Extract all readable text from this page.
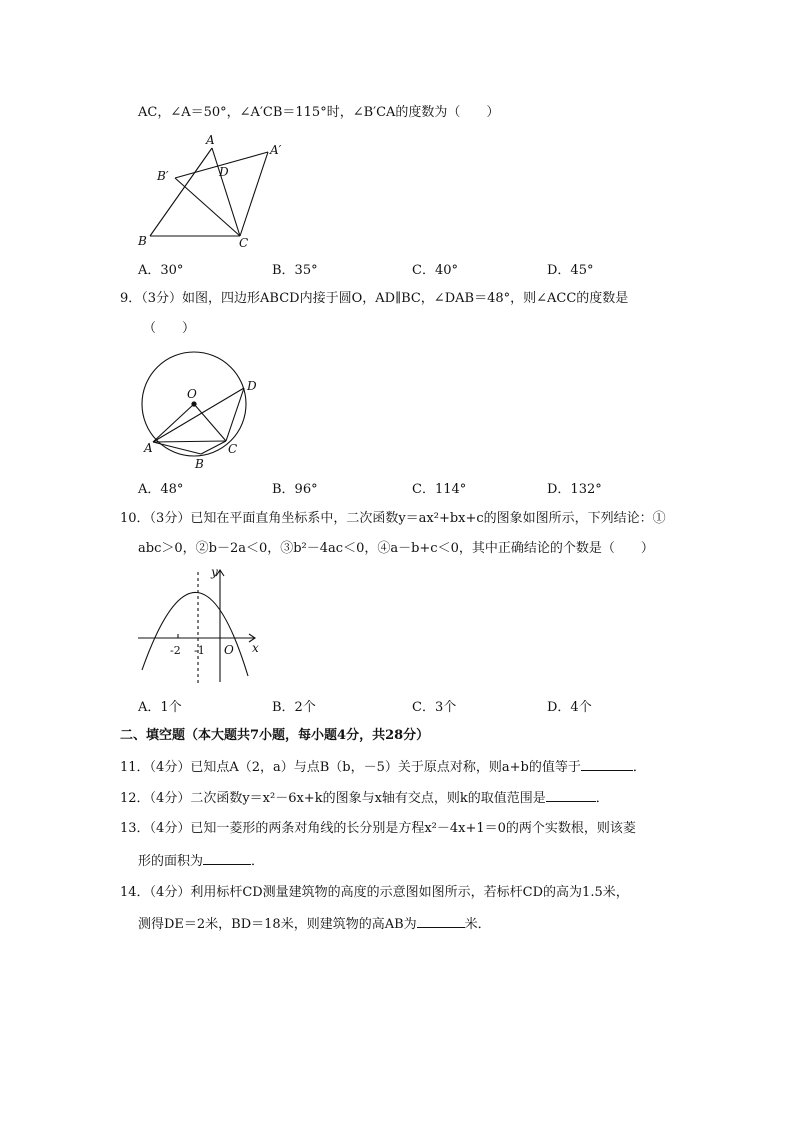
AC，∠A＝50°，∠A′CB＝115°时，∠B′CA的度数为（　　）
A
A′
B′	D
B	C
A．30°	B．35°	C．40°	D．45°
9．（3分）如图，四边形ABCD内接于圆O，AD∥BC，∠DAB＝48°，则∠ACC的度数是
（　　）
O
D
A
B
C
A．48°	B．96°	C．114°	D．132°
10．（3分）已知在平面直角坐标系中，二次函数y＝ax²+bx+c的图象如图所示，下列结论：①
abc＞0，②b－2a＜0，③b²－4ac＜0，④a－b+c＜0，其中正确结论的个数是（　　）
y
x
O
-2 -1
A．1个	B．2个	C．3个	D．4个
二、填空题（本大题共7小题，每小题4分，共28分）
11．（4分）已知点A（2，a）与点B（b，－5）关于原点对称，则a+b的值等于	．
12．（4分）二次函数y＝x²－6x+k的图象与x轴有交点，则k的取值范围是	．
13．（4分）已知一菱形的两条对角线的长分别是方程x²－4x+1＝0的两个实数根，则该菱
形的面积为	．
14．（4分）利用标杆CD测量建筑物的高度的示意图如图所示，若标杆CD的高为1.5米，
测得DE＝2米，BD＝18米，则建筑物的高AB为	米．
